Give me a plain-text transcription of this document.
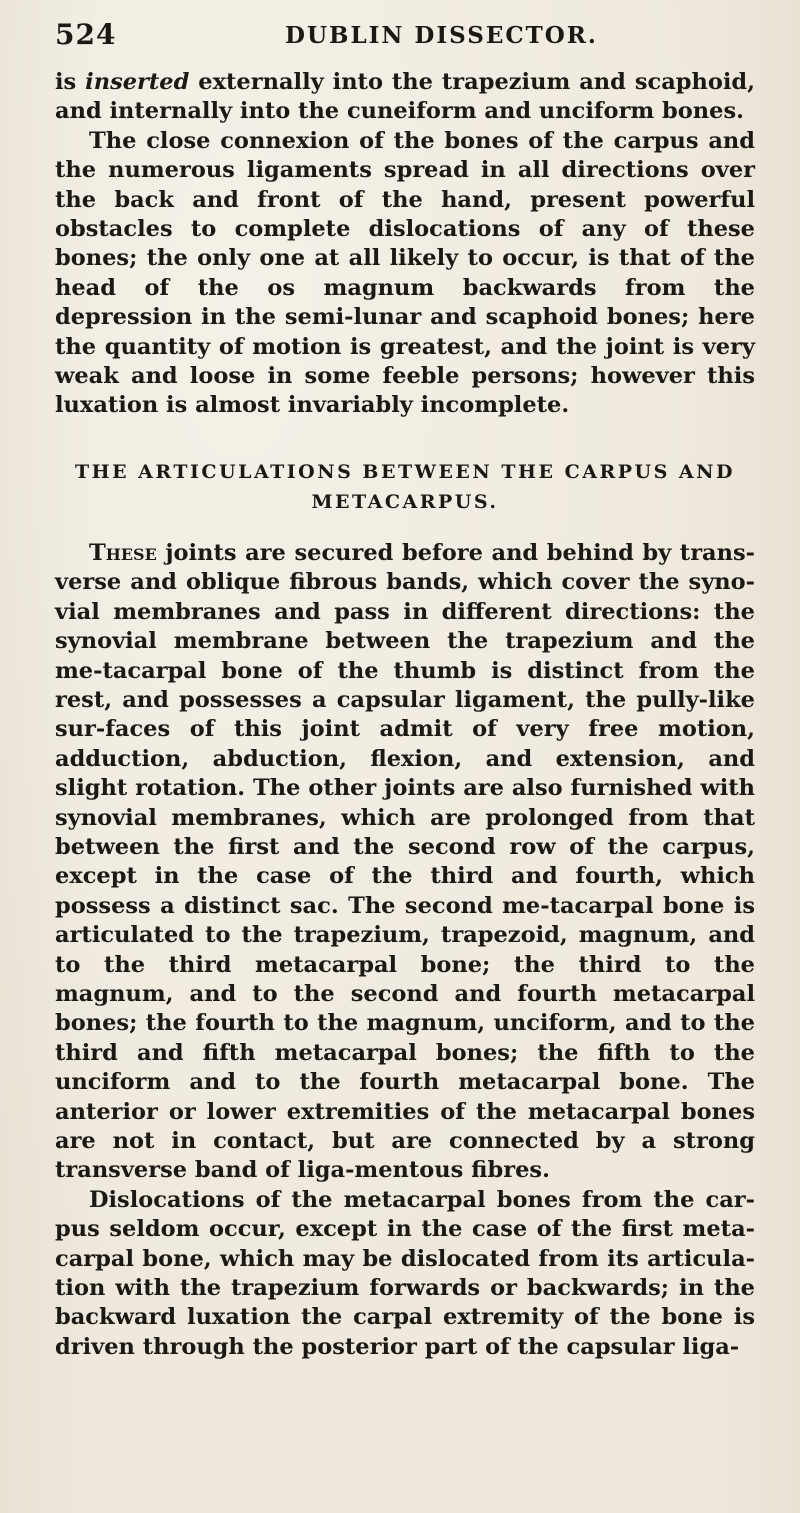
524	DUBLIN DISSECTOR.

is inserted externally into the trapezium and scaphoid, and internally into the cuneiform and unciform bones.

The close connexion of the bones of the carpus and the numerous ligaments spread in all directions over the back and front of the hand, present powerful obstacles to complete dislocations of any of these bones; the only one at all likely to occur, is that of the head of the os magnum backwards from the depression in the semi-lunar and scaphoid bones; here the quantity of motion is greatest, and the joint is very weak and loose in some feeble persons; however this luxation is almost invariably incomplete.

THE ARTICULATIONS BETWEEN THE CARPUS AND METACARPUS.

These joints are secured before and behind by trans-verse and oblique fibrous bands, which cover the syno-vial membranes and pass in different directions: the synovial membrane between the trapezium and the me-tacarpal bone of the thumb is distinct from the rest, and possesses a capsular ligament, the pully-like sur-faces of this joint admit of very free motion, adduction, abduction, flexion, and extension, and slight rotation. The other joints are also furnished with synovial membranes, which are prolonged from that between the first and the second row of the carpus, except in the case of the third and fourth, which possess a distinct sac. The second me-tacarpal bone is articulated to the trapezium, trapezoid, magnum, and to the third metacarpal bone; the third to the magnum, and to the second and fourth metacarpal bones; the fourth to the magnum, unciform, and to the third and fifth metacarpal bones; the fifth to the unciform and to the fourth metacarpal bone. The anterior or lower extremities of the metacarpal bones are not in contact, but are connected by a strong transverse band of liga-mentous fibres.

Dislocations of the metacarpal bones from the car-pus seldom occur, except in the case of the first meta-carpal bone, which may be dislocated from its articula-tion with the trapezium forwards or backwards; in the backward luxation the carpal extremity of the bone is driven through the posterior part of the capsular liga-
